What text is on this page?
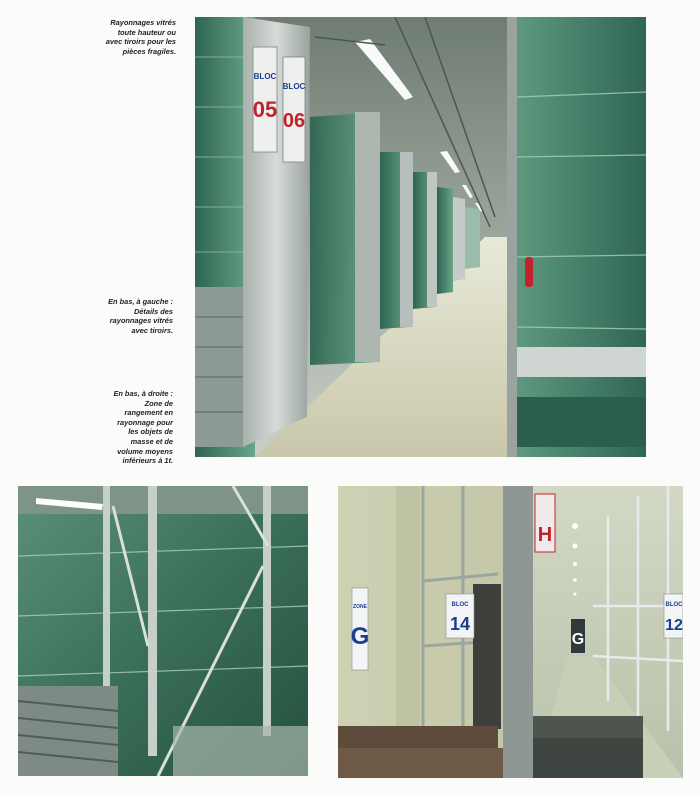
Rayonnages vitrés
toute hauteur ou
avec tiroirs pour les
pièces fragiles.
En bas, à gauche :
Détails des
rayonnages vitrés
avec tiroirs.
En bas, à droite :
Zone de
rangement en
rayonnage pour
les objets de
masse et de
volume moyens
inférieurs à 1t.
BLOC
05
BLOC
06
ZONE
G
BLOC
14
H
G
BLOC
12
